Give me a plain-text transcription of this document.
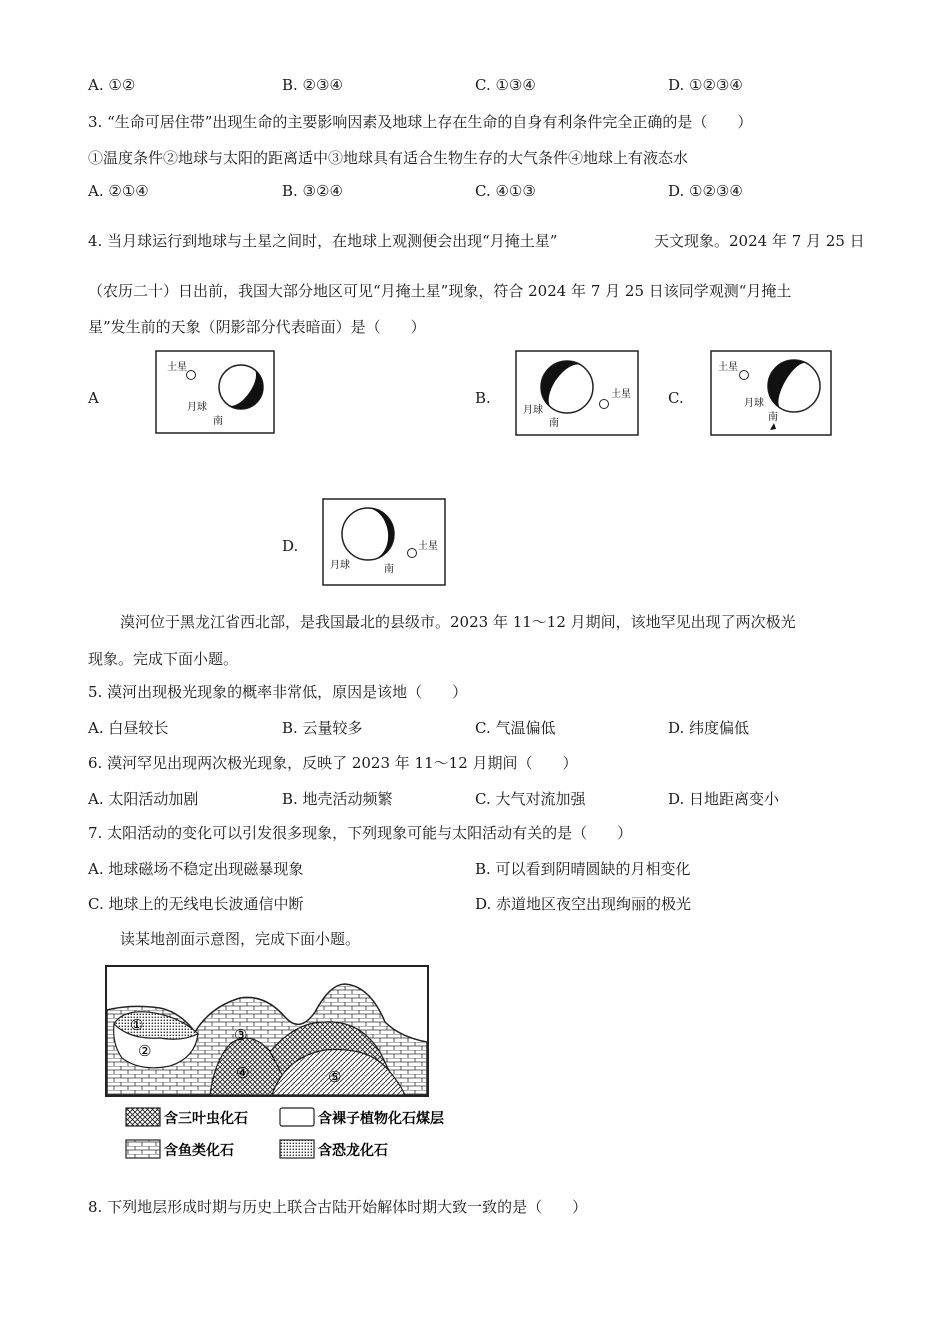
A. ①②	B. ②③④	C. ①③④	D. ①②③④
3. “生命可居住带”出现生命的主要影响因素及地球上存在生命的自身有利条件完全正确的是（　　）
①温度条件②地球与太阳的距离适中③地球具有适合生物生存的大气条件④地球上有液态水
A. ②①④	B. ③②④	C. ④①③	D. ①②③④
4. 当月球运行到地球与土星之间时，在地球上观测便会出现“月掩土星”	天文现象。2024 年 7 月 25 日
（农历二十）日出前，我国大部分地区可见“月掩土星”现象，符合 2024 年 7 月 25 日该同学观测“月掩土
星”发生前的天象（阴影部分代表暗面）是（　　）
A
土星
月球
南
B.	土星
月球
南
C.
土星
月球
南
D.	土星
月球	南
漠河位于黑龙江省西北部，是我国最北的县级市。2023 年 11～12 月期间，该地罕见出现了两次极光
现象。完成下面小题。
5. 漠河出现极光现象的概率非常低，原因是该地（　　）
A. 白昼较长	B. 云量较多	C. 气温偏低	D. 纬度偏低
6. 漠河罕见出现两次极光现象，反映了 2023 年 11～12 月期间（　　）
A. 太阳活动加剧	B. 地壳活动频繁	C. 大气对流加强	D. 日地距离变小
7. 太阳活动的变化可以引发很多现象，下列现象可能与太阳活动有关的是（　　）
A. 地球磁场不稳定出现磁暴现象	B. 可以看到阴晴圆缺的月相变化
C. 地球上的无线电长波通信中断	D. 赤道地区夜空出现绚丽的极光
读某地剖面示意图，完成下面小题。
①
②
③
④	⑤
含三叶虫化石	含裸子植物化石煤层
含鱼类化石	含恐龙化石
8. 下列地层形成时期与历史上联合古陆开始解体时期大致一致的是（　　）
